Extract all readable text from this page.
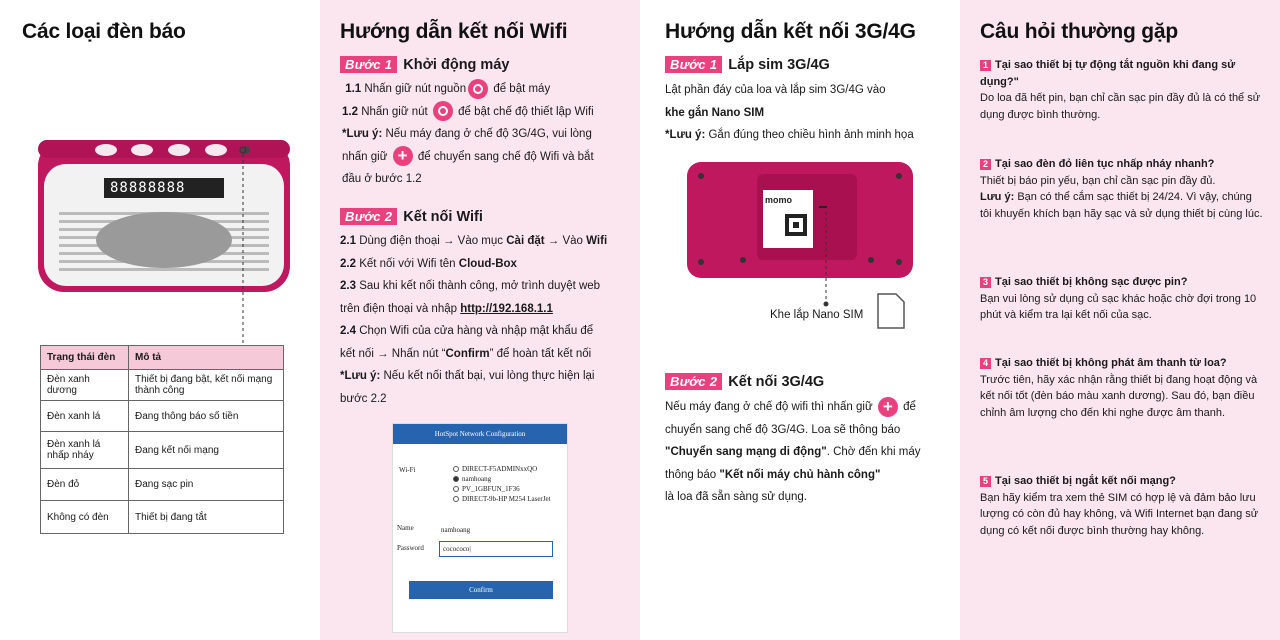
Các loại đèn báo
88888888
Trạng thái đèn	Mô tả
Đèn xanh dương	Thiết bị đang bật, kết nối mạng thành công
Đèn xanh lá	Đang thông báo số tiền
Đèn xanh lá nhấp nháy	Đang kết nối mạng
Đèn đỏ	Đang sạc pin
Không có đèn	Thiết bị đang tắt
Hướng dẫn kết nối Wifi
Bước 1 Khởi động máy
1.1 Nhấn giữ nút nguồn để bật máy
1.2 Nhấn giữ nút	để bật chế độ thiết lập Wifi
*Lưu ý: Nếu máy đang ở chế độ 3G/4G, vui lòng
nhấn giữ + để chuyển sang chế độ Wifi và bắt
đầu ở bước 1.2
Bước 2 Kết nối Wifi
2.1 Dùng điện thoại → Vào mục Cài đặt → Vào Wifi
2.2 Kết nối với Wifi tên Cloud-Box
2.3 Sau khi kết nối thành công, mở trình duyệt web
trên điện thoại và nhập http://192.168.1.1
2.4 Chọn Wifi của cửa hàng và nhập mật khẩu để
kết nối → Nhấn nút “Confirm” để hoàn tất kết nối
*Lưu ý: Nếu kết nối thất bại, vui lòng thực hiện lại
bước 2.2
HotSpot Network Configuration
Wi-Fi	DIRECT-F5ADMINxxQO
namhoang
PV_1GBFUN_1F36
DIRECT-9b-HP M254 LaserJet
Name	namhoang
Password	cocococo|
Confirm
Hướng dẫn kết nối 3G/4G
Bước 1 Lắp sim 3G/4G
Lật phần đáy của loa và lắp sim 3G/4G vào
khe gắn Nano SIM
*Lưu ý: Gắn đúng theo chiều hình ảnh minh họa
momo
Khe lắp Nano SIM
Bước 2 Kết nối 3G/4G
Nếu máy đang ở chế độ wifi thì nhấn giữ + để
chuyển sang chế độ 3G/4G. Loa sẽ thông báo
"Chuyển sang mạng di động". Chờ đến khi máy
thông báo "Kết nối máy chủ hành công"
là loa đã sẵn sàng sử dụng.
Câu hỏi thường gặp
1 Tại sao thiết bị tự động tắt nguồn khi đang sử dụng?"
Do loa đã hết pin, bạn chỉ cần sạc pin đầy đủ là có thể sử dụng được bình thường.
2 Tại sao đèn đỏ liên tục nhấp nháy nhanh?
Thiết bị báo pin yếu, bạn chỉ cần sạc pin đầy đủ.
Lưu ý: Bạn có thể cắm sạc thiết bị 24/24. Vì vậy, chúng tôi khuyến khích bạn hãy sạc và sử dụng thiết bị cùng lúc.
3 Tại sao thiết bị không sạc được pin?
Bạn vui lòng sử dụng củ sạc khác hoặc chờ đợi trong 10 phút và kiểm tra lại kết nối của sạc.
4 Tại sao thiết bị không phát âm thanh từ loa?
Trước tiên, hãy xác nhận rằng thiết bị đang hoạt động và kết nối tốt (đèn báo màu xanh dương). Sau đó, bạn điều chỉnh âm lượng cho đến khi nghe được âm thanh.
5 Tại sao thiết bị ngắt kết nối mạng?
Bạn hãy kiểm tra xem thẻ SIM có hợp lệ và đảm bảo lưu lượng có còn đủ hay không, và Wifi Internet bạn đang sử dụng có kết nối được bình thường hay không.
